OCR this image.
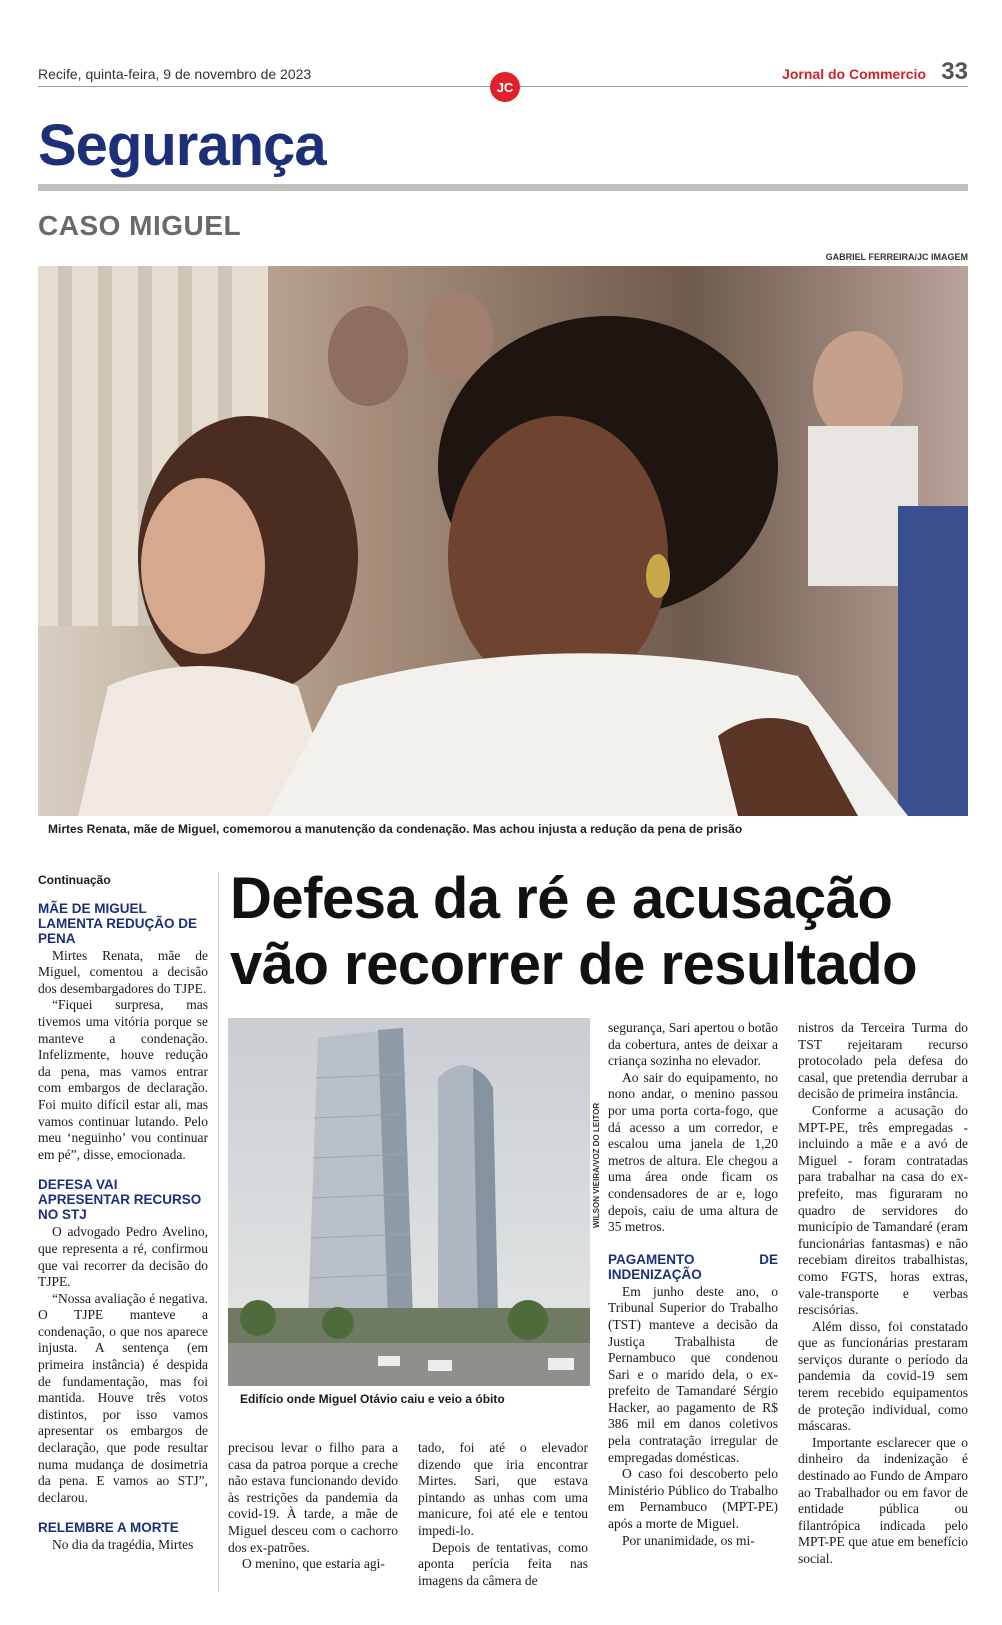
Recife, quinta-feira, 9 de novembro de 2023
JC
Jornal do Commercio 33
Segurança
CASO MIGUEL
GABRIEL FERREIRA/JC IMAGEM
Mirtes Renata, mãe de Miguel, comemorou a manutenção da condenação. Mas achou injusta a redução da pena de prisão
Continuação
MÃE DE MIGUEL LAMENTA REDUÇÃO DE PENA

Mirtes Renata, mãe de Miguel, comentou a decisão dos desembargadores do TJPE.

“Fiquei surpresa, mas tivemos uma vitória porque se manteve a condenação. Infelizmente, houve redução da pena, mas vamos entrar com embargos de declaração. Foi muito difícil estar ali, mas vamos continuar lutando. Pelo meu ‘neguinho’ vou continuar em pé”, disse, emocionada.

DEFESA VAI APRESENTAR RECURSO NO STJ

O advogado Pedro Avelino, que representa a ré, confirmou que vai recorrer da decisão do TJPE.

“Nossa avaliação é negativa. O TJPE manteve a condenação, o que nos aparece injusta. A sentença (em primeira instância) é despida de fundamentação, mas foi mantida. Houve três votos distintos, por isso vamos apresentar os embargos de declaração, que pode resultar numa mudança de dosimetria da pena. E vamos ao STJ”, declarou.

RELEMBRE A MORTE

No dia da tragédia, Mirtes

Defesa da ré e acusação vão recorrer de resultado
WILSON VIEIRA/VOZ DO LEITOR
Edifício onde Miguel Otávio caiu e veio a óbito

precisou levar o filho para a casa da patroa porque a creche não estava funcionando devido às restrições da pandemia da covid-19. À tarde, a mãe de Miguel desceu com o cachorro dos ex-patrões.

O menino, que estaria agi-

tado, foi até o elevador dizendo que iria encontrar Mirtes. Sari, que estava pintando as unhas com uma manicure, foi até ele e tentou impedi-lo.

Depois de tentativas, como aponta perícia feita nas imagens da câmera de

segurança, Sari apertou o botão da cobertura, antes de deixar a criança sozinha no elevador.

Ao sair do equipamento, no nono andar, o menino passou por uma porta corta-fogo, que dá acesso a um corredor, e escalou uma janela de 1,20 metros de altura. Ele chegou a uma área onde ficam os condensadores de ar e, logo depois, caiu de uma altura de 35 metros.

PAGAMENTO DE INDENIZAÇÃO

Em junho deste ano, o Tribunal Superior do Trabalho (TST) manteve a decisão da Justiça Trabalhista de Pernambuco que condenou Sari e o marido dela, o ex-prefeito de Tamandaré Sérgio Hacker, ao pagamento de R$ 386 mil em danos coletivos pela contratação irregular de empregadas domésticas.

O caso foi descoberto pelo Ministério Público do Trabalho em Pernambuco (MPT-PE) após a morte de Miguel.

Por unanimidade, os mi-

nistros da Terceira Turma do TST rejeitaram recurso protocolado pela defesa do casal, que pretendia derrubar a decisão de primeira instância.

Conforme a acusação do MPT-PE, três empregadas - incluindo a mãe e a avó de Miguel - foram contratadas para trabalhar na casa do ex-prefeito, mas figuraram no quadro de servidores do município de Tamandaré (eram funcionárias fantasmas) e não recebiam direitos trabalhistas, como FGTS, horas extras, vale-transporte e verbas rescisórias.

Além disso, foi constatado que as funcionárias prestaram serviços durante o período da pandemia da covid-19 sem terem recebido equipamentos de proteção individual, como máscaras.

Importante esclarecer que o dinheiro da indenização é destinado ao Fundo de Amparo ao Trabalhador ou em favor de entidade pública ou filantrópica indicada pelo MPT-PE que atue em benefício social.
